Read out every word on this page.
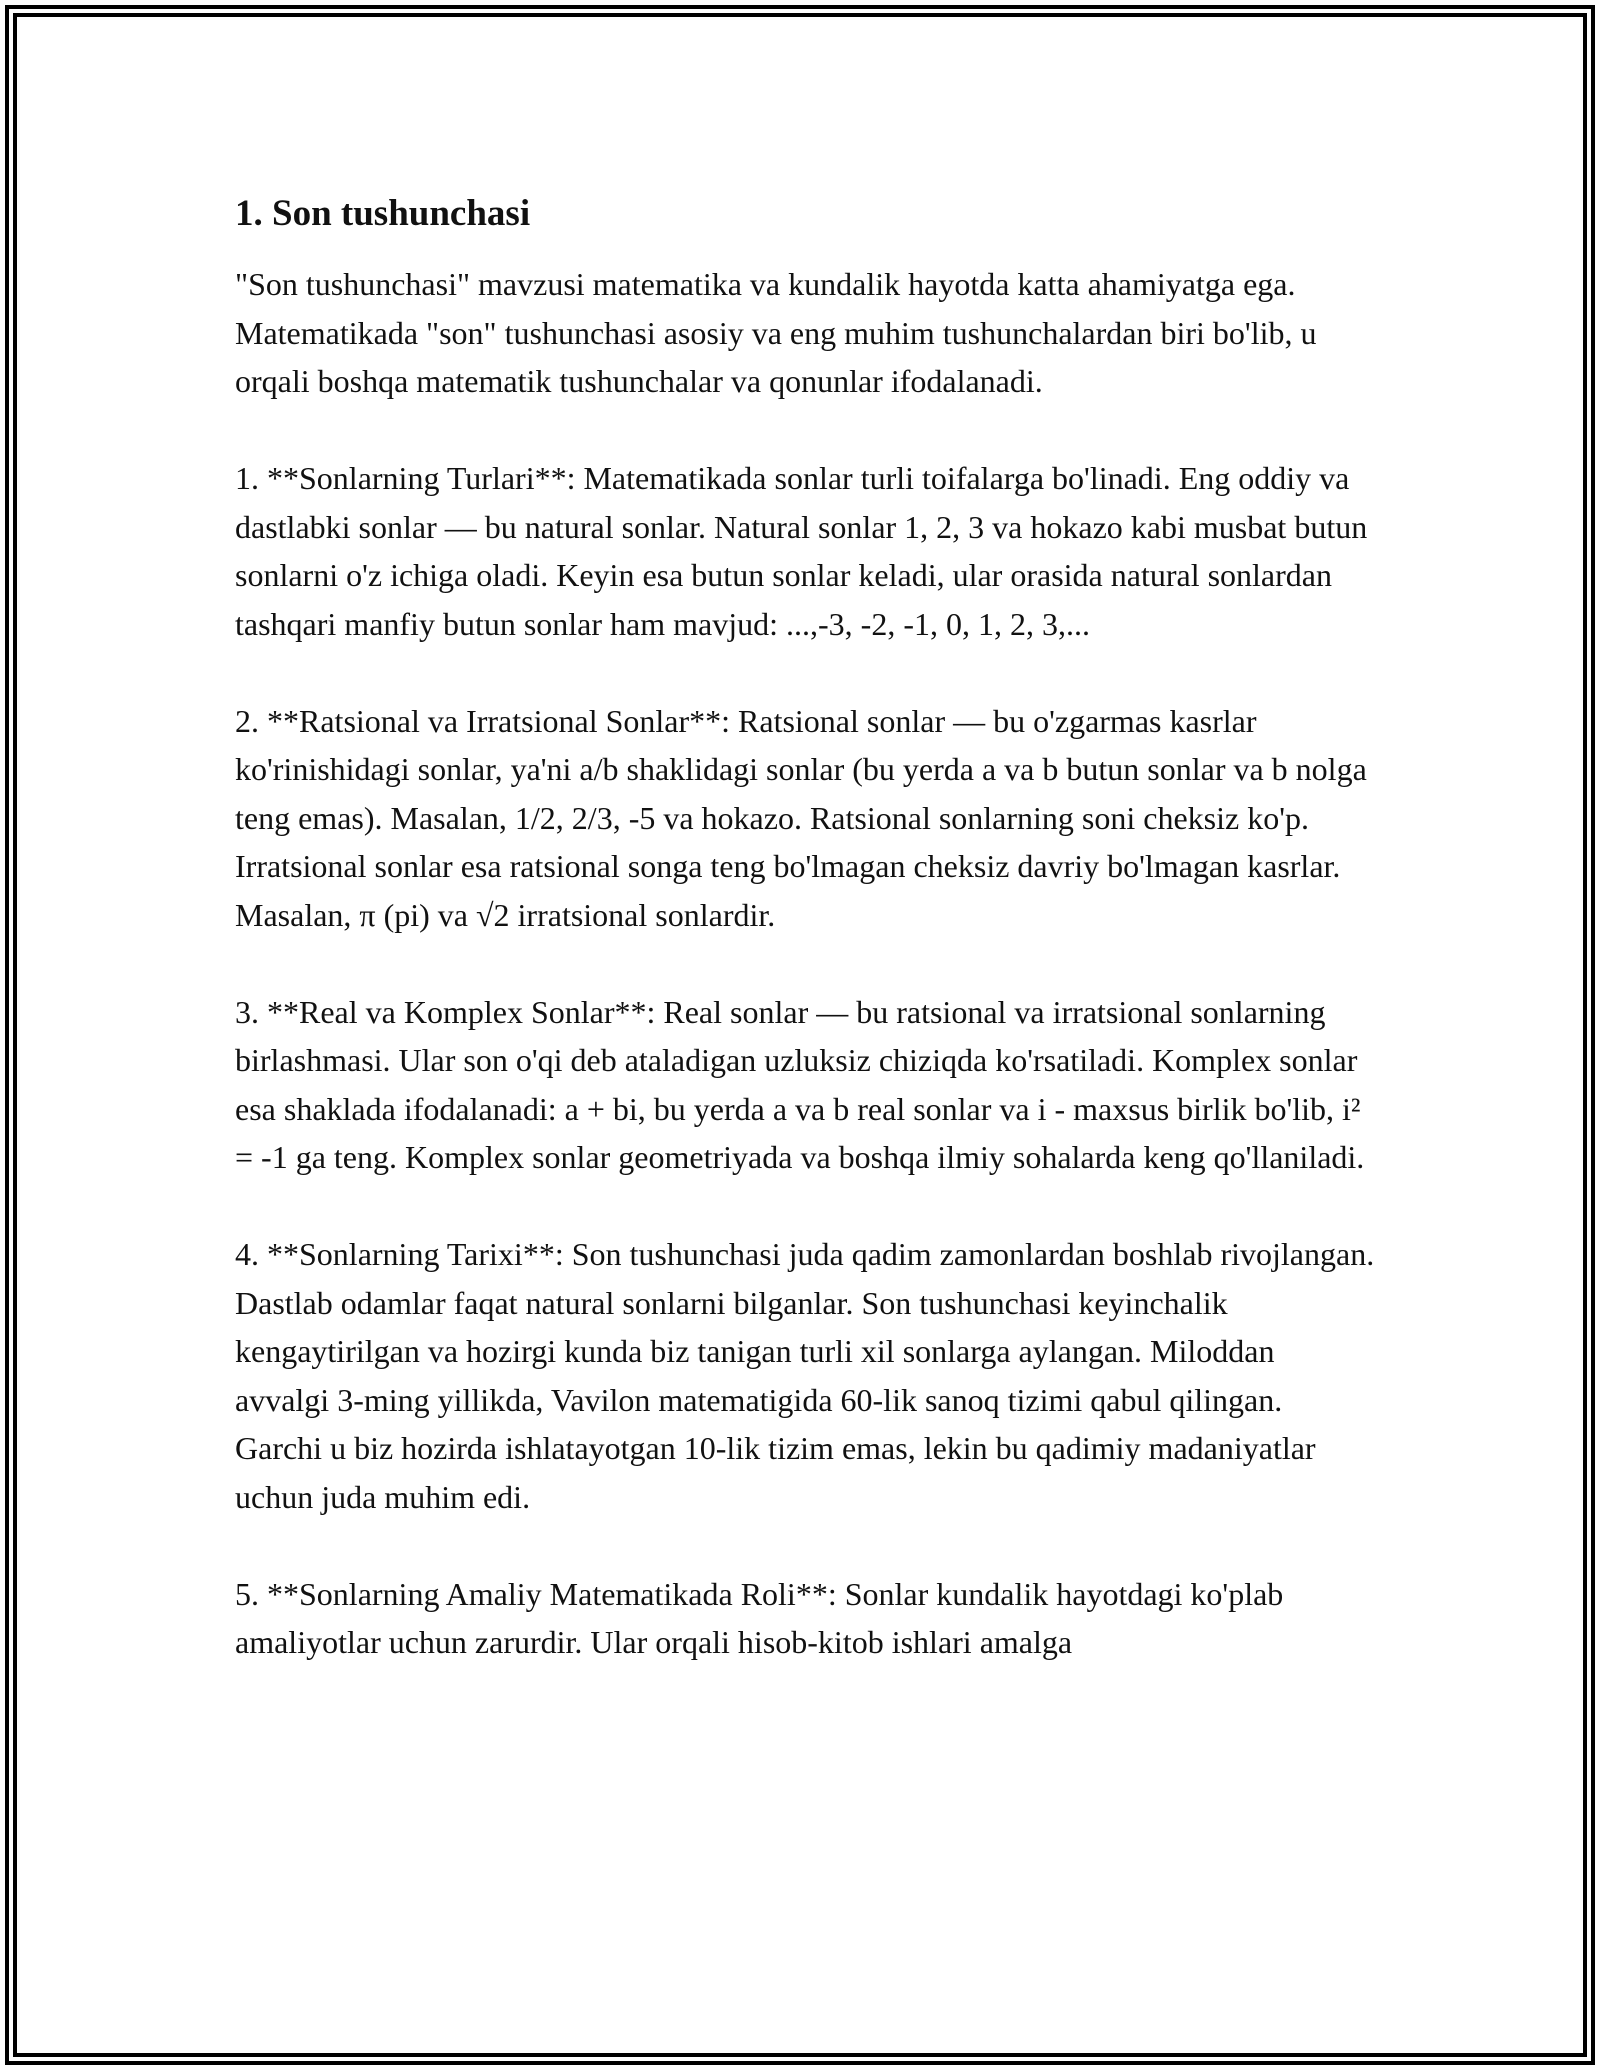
1. Son tushunchasi

"Son tushunchasi" mavzusi matematika va kundalik hayotda katta ahamiyatga ega. Matematikada "son" tushunchasi asosiy va eng muhim tushunchalardan biri bo'lib, u orqali boshqa matematik tushunchalar va qonunlar ifodalanadi.

1. **Sonlarning Turlari**: Matematikada sonlar turli toifalarga bo'linadi. Eng oddiy va dastlabki sonlar — bu natural sonlar. Natural sonlar 1, 2, 3 va hokazo kabi musbat butun sonlarni o'z ichiga oladi. Keyin esa butun sonlar keladi, ular orasida natural sonlardan tashqari manfiy butun sonlar ham mavjud: ...,-3, -2, -1, 0, 1, 2, 3,...

2. **Ratsional va Irratsional Sonlar**: Ratsional sonlar — bu o'zgarmas kasrlar ko'rinishidagi sonlar, ya'ni a/b shaklidagi sonlar (bu yerda a va b butun sonlar va b nolga teng emas). Masalan, 1/2, 2/3, -5 va hokazo. Ratsional sonlarning soni cheksiz ko'p. Irratsional sonlar esa ratsional songa teng bo'lmagan cheksiz davriy bo'lmagan kasrlar. Masalan, π (pi) va √2 irratsional sonlardir.

3. **Real va Komplex Sonlar**: Real sonlar — bu ratsional va irratsional sonlarning birlashmasi. Ular son o'qi deb ataladigan uzluksiz chiziqda ko'rsatiladi. Komplex sonlar esa shaklada ifodalanadi: a + bi, bu yerda a va b real sonlar va i - maxsus birlik bo'lib, i² = -1 ga teng. Komplex sonlar geometriyada va boshqa ilmiy sohalarda keng qo'llaniladi.

4. **Sonlarning Tarixi**: Son tushunchasi juda qadim zamonlardan boshlab rivojlangan. Dastlab odamlar faqat natural sonlarni bilganlar. Son tushunchasi keyinchalik kengaytirilgan va hozirgi kunda biz tanigan turli xil sonlarga aylangan. Miloddan avvalgi 3-ming yillikda, Vavilon matematigida 60-lik sanoq tizimi qabul qilingan. Garchi u biz hozirda ishlatayotgan 10-lik tizim emas, lekin bu qadimiy madaniyatlar uchun juda muhim edi.

5. **Sonlarning Amaliy Matematikada Roli**: Sonlar kundalik hayotdagi ko'plab amaliyotlar uchun zarurdir. Ular orqali hisob-kitob ishlari amalga
